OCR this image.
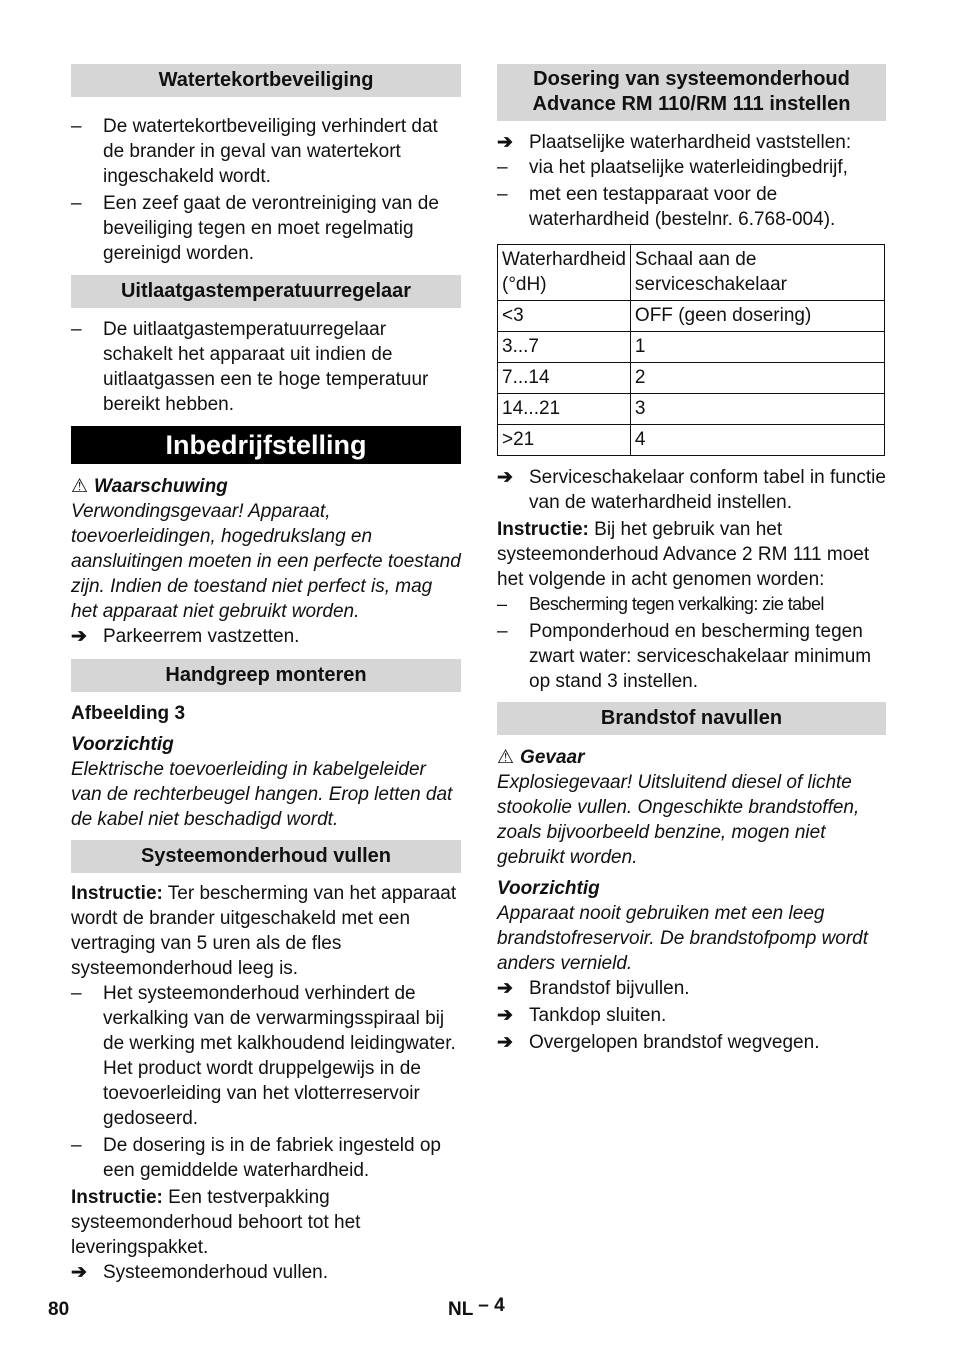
Watertekortbeveiliging
– De watertekortbeveiliging verhindert dat de brander in geval van watertekort ingeschakeld wordt.
– Een zeef gaat de verontreiniging van de beveiliging tegen en moet regelmatig gereinigd worden.
Uitlaatgastemperatuurregelaar
– De uitlaatgastemperatuurregelaar schakelt het apparaat uit indien de uitlaatgassen een te hoge temperatuur bereikt hebben.
Inbedrijfstelling
⚠ Waarschuwing

Verwondingsgevaar! Apparaat, toevoerleidingen, hogedrukslang en aansluitingen moeten in een perfecte toestand zijn. Indien de toestand niet perfect is, mag het apparaat niet gebruikt worden.

➔ Parkeerrem vastzetten.
Handgreep monteren

Afbeelding 3

Voorzichtig

Elektrische toevoerleiding in kabelgeleider van de rechterbeugel hangen. Erop letten dat de kabel niet beschadigd wordt.

Systeemonderhoud vullen

Instructie: Ter bescherming van het apparaat wordt de brander uitgeschakeld met een vertraging van 5 uren als de fles systeemonderhoud leeg is.

– Het systeemonderhoud verhindert de verkalking van de verwarmingsspiraal bij de werking met kalkhoudend leidingwater. Het product wordt druppelgewijs in de toevoerleiding van het vlotterreservoir gedoseerd.
– De dosering is in de fabriek ingesteld op een gemiddelde waterhardheid.

Instructie: Een testverpakking systeemonderhoud behoort tot het leveringspakket.

➔ Systeemonderhoud vullen.
Dosering van systeemonderhoud Advance RM 110/RM 111 instellen
➔ Plaatselijke waterhardheid vaststellen:
– via het plaatselijke waterleidingbedrijf,
– met een testapparaat voor de waterhardheid (bestelnr. 6.768-004).
Waterhardheid (°dH)	Schaal aan de serviceschakelaar
<3	OFF (geen dosering)
3...7	1
7...14	2
14...21	3
>21	4
➔ Serviceschakelaar conform tabel in functie van de waterhardheid instellen.

Instructie: Bij het gebruik van het systeemonderhoud Advance 2 RM 111 moet het volgende in acht genomen worden:

– Bescherming tegen verkalking: zie tabel
– Pomponderhoud en bescherming tegen zwart water: serviceschakelaar minimum op stand 3 instellen.
Brandstof navullen
⚠ Gevaar

Explosiegevaar! Uitsluitend diesel of lichte stookolie vullen. Ongeschikte brandstoffen, zoals bijvoorbeeld benzine, mogen niet gebruikt worden.

Voorzichtig

Apparaat nooit gebruiken met een leeg brandstofreservoir. De brandstofpomp wordt anders vernield.

➔ Brandstof bijvullen.
➔ Tankdop sluiten.
➔ Overgelopen brandstof wegvegen.
80	NL – 4
